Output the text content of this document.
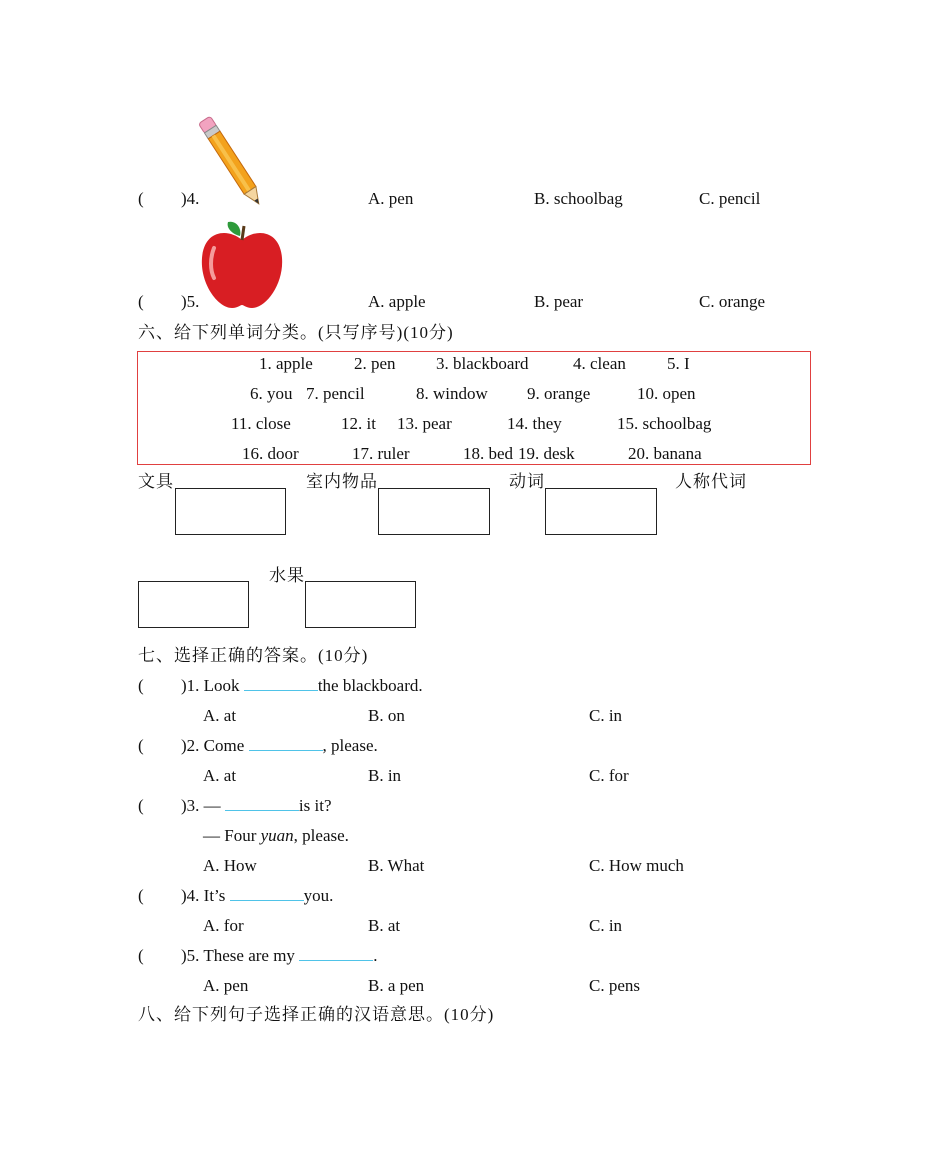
( )4.	A. pen	B. schoolbag	C. pencil
( )5.	A. apple	B. pear	C. orange
六、给下列单词分类。(只写序号)(10分)
1. apple 2. pen 3. blackboard	4. clean 5. I
6. you 7. pencil	8. window 9. orange	10. open
11. close	12. it 13. pear	14. they	15. schoolbag
16. door	17. ruler	18. bed 19. desk	20. banana
文具	室内物品	动词	人称代词
水果
七、选择正确的答案。(10分)
( )1. Look	the blackboard.
A. at	B. on	C. in
( )2. Come	, please.
A. at	B. in	C. for
( )3. —	is it?
— Four yuan, please.
A. How	B. What	C. How much
( )4. It’s	you.
A. for	B. at	C. in
( )5. These are my	.
A. pen	B. a pen	C. pens
八、给下列句子选择正确的汉语意思。(10分)
